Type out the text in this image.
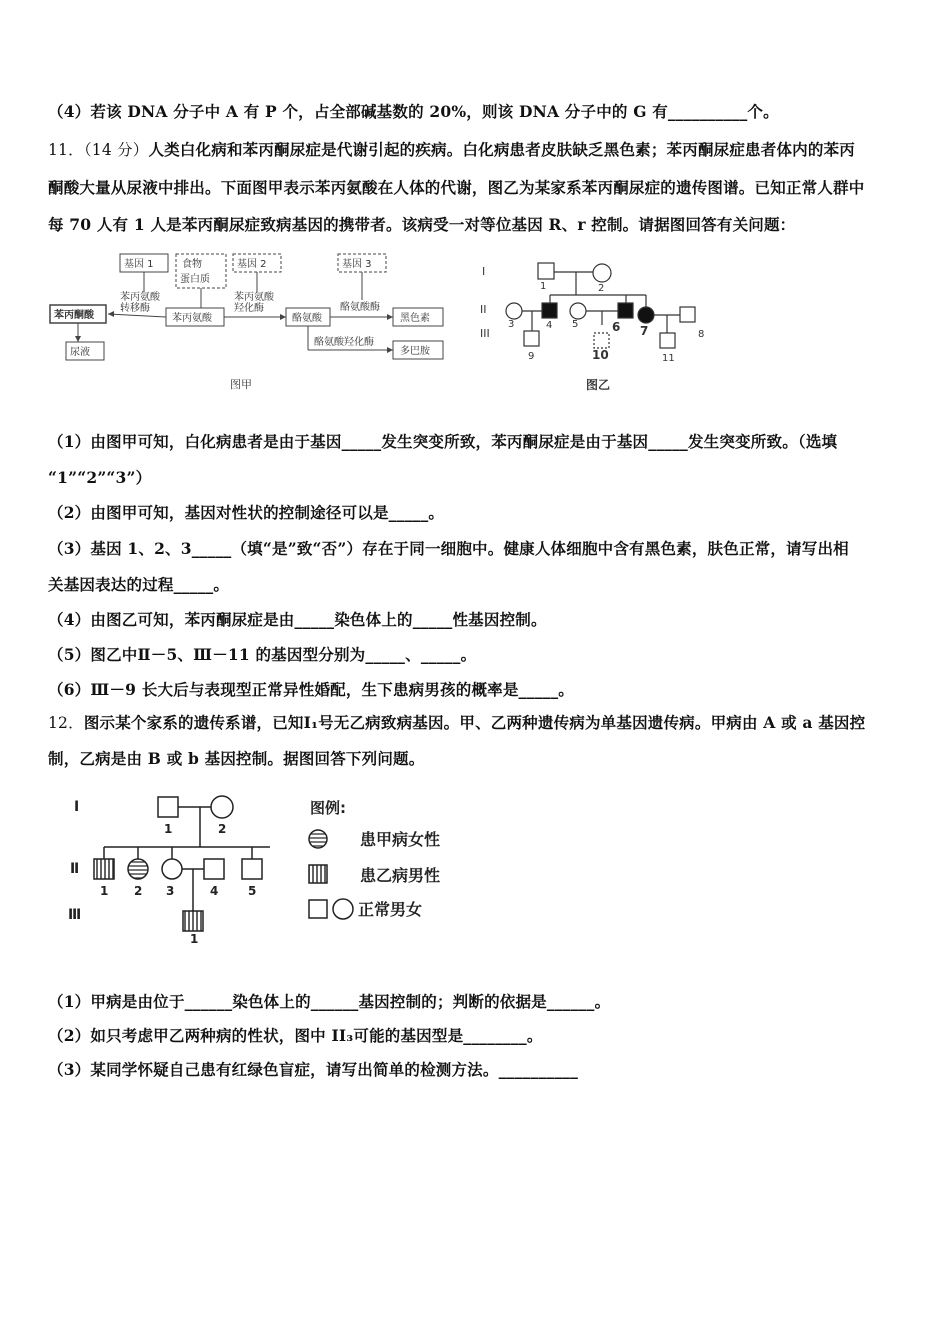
（4）若该 DNA 分子中 A 有 P 个，占全部碱基数的 20%，则该 DNA 分子中的 G 有__________个。
11．（14 分）人类白化病和苯丙酮尿症是代谢引起的疾病。白化病患者皮肤缺乏黑色素；苯丙酮尿症患者体内的苯丙
酮酸大量从尿液中排出。下面图甲表示苯丙氨酸在人体的代谢，图乙为某家系苯丙酮尿症的遗传图谱。已知正常人群中
每 70 人有 1 人是苯丙酮尿症致病基因的携带者。该病受一对等位基因 R、r 控制。请据图回答有关问题：
基因 1	食物
蛋白质
基因 2	基因 3
苯丙氨酸
转移酶
苯丙氨酸
羟化酶	酪氨酸酶
酪氨酸羟化酶
苯丙酮酸
尿液
苯丙氨酸	酪氨酸	黑色素
多巴胺
图甲
I
II
III
1	2
3	4 5	6 7	8
9	10	11
图乙
（1）由图甲可知，白化病患者是由于基因_____发生突变所致，苯丙酮尿症是由于基因_____发生突变所致。（选填
“1”“2”“3”）
（2）由图甲可知，基因对性状的控制途径可以是_____。
（3）基因 1、2、3_____（填“是”致“否”）存在于同一细胞中。健康人体细胞中含有黑色素，肤色正常，请写出相
关基因表达的过程_____。
（4）由图乙可知，苯丙酮尿症是由_____染色体上的_____性基因控制。
（5）图乙中Ⅱ－5、Ⅲ－11 的基因型分别为_____、_____。
（6）Ⅲ－9 长大后与表现型正常异性婚配，生下患病男孩的概率是_____。
12．图示某个家系的遗传系谱，已知Ⅰ₁号无乙病致病基因。甲、乙两种遗传病为单基因遗传病。甲病由 A 或 a 基因控
制，乙病是由 B 或 b 基因控制。据图回答下列问题。
Ⅰ
Ⅱ
Ⅲ
1	2
1 2 3	4 5
1
图例:
患甲病女性
患乙病男性
正常男女
（1）甲病是由位于______染色体上的______基因控制的；判断的依据是______。
（2）如只考虑甲乙两种病的性状，图中 II₃可能的基因型是________。
（3）某同学怀疑自己患有红绿色盲症，请写出简单的检测方法。__________
